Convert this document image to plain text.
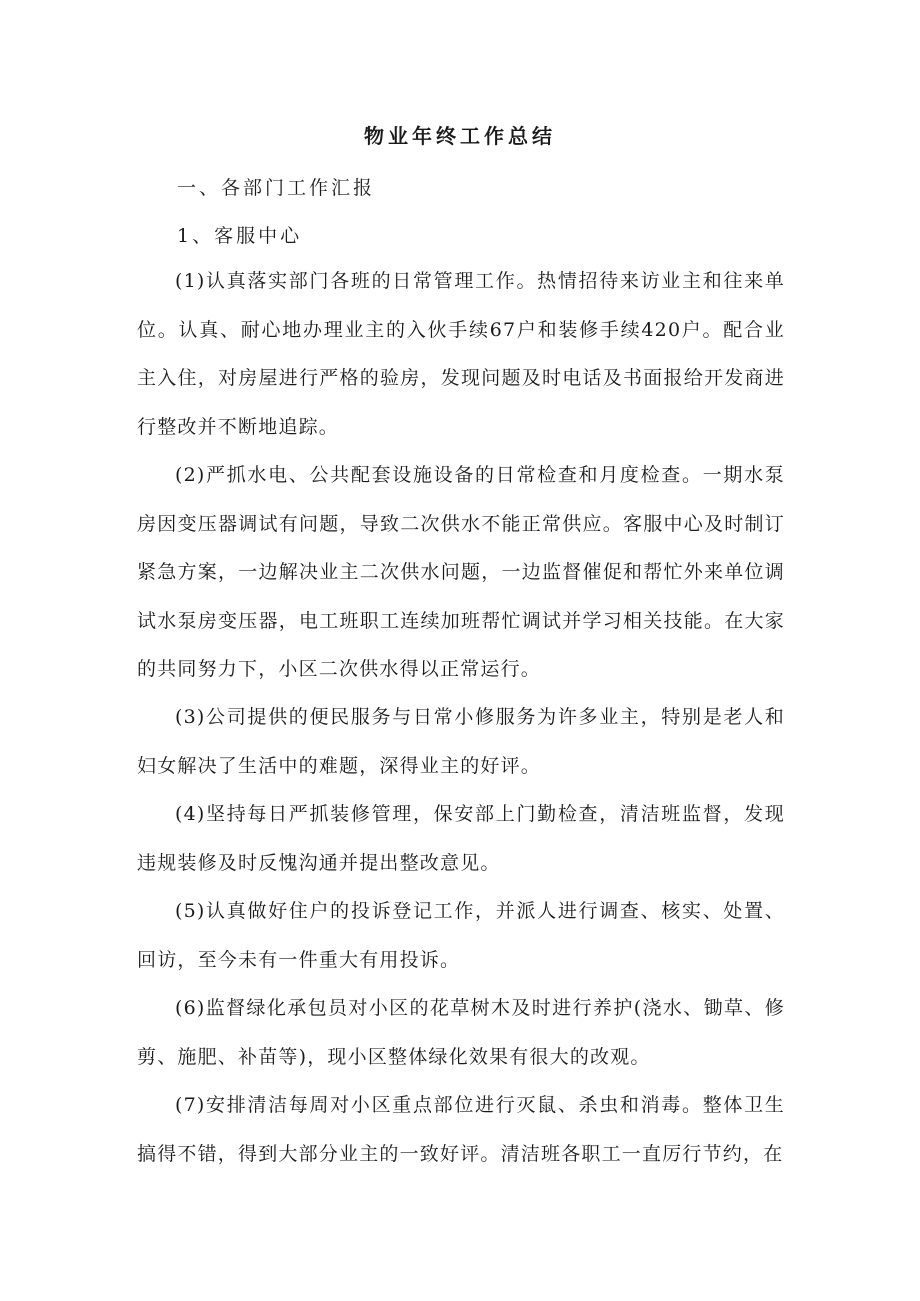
物业年终工作总结
一、各部门工作汇报
1、客服中心

(1)认真落实部门各班的日常管理工作。热情招待来访业主和往来单位。认真、耐心地办理业主的入伙手续67户和装修手续420户。配合业主入住，对房屋进行严格的验房，发现问题及时电话及书面报给开发商进行整改并不断地追踪。

(2)严抓水电、公共配套设施设备的日常检查和月度检查。一期水泵房因变压器调试有问题，导致二次供水不能正常供应。客服中心及时制订紧急方案，一边解决业主二次供水问题，一边监督催促和帮忙外来单位调试水泵房变压器，电工班职工连续加班帮忙调试并学习相关技能。在大家的共同努力下，小区二次供水得以正常运行。

(3)公司提供的便民服务与日常小修服务为许多业主，特别是老人和妇女解决了生活中的难题，深得业主的好评。

(4)坚持每日严抓装修管理，保安部上门勤检查，清洁班监督，发现违规装修及时反愧沟通并提出整改意见。

(5)认真做好住户的投诉登记工作，并派人进行调查、核实、处置、回访，至今未有一件重大有用投诉。

(6)监督绿化承包员对小区的花草树木及时进行养护(浇水、锄草、修剪、施肥、补苗等)，现小区整体绿化效果有很大的改观。

(7)安排清洁每周对小区重点部位进行灭鼠、杀虫和消毒。整体卫生搞得不错，得到大部分业主的一致好评。清洁班各职工一直厉行节约，在
